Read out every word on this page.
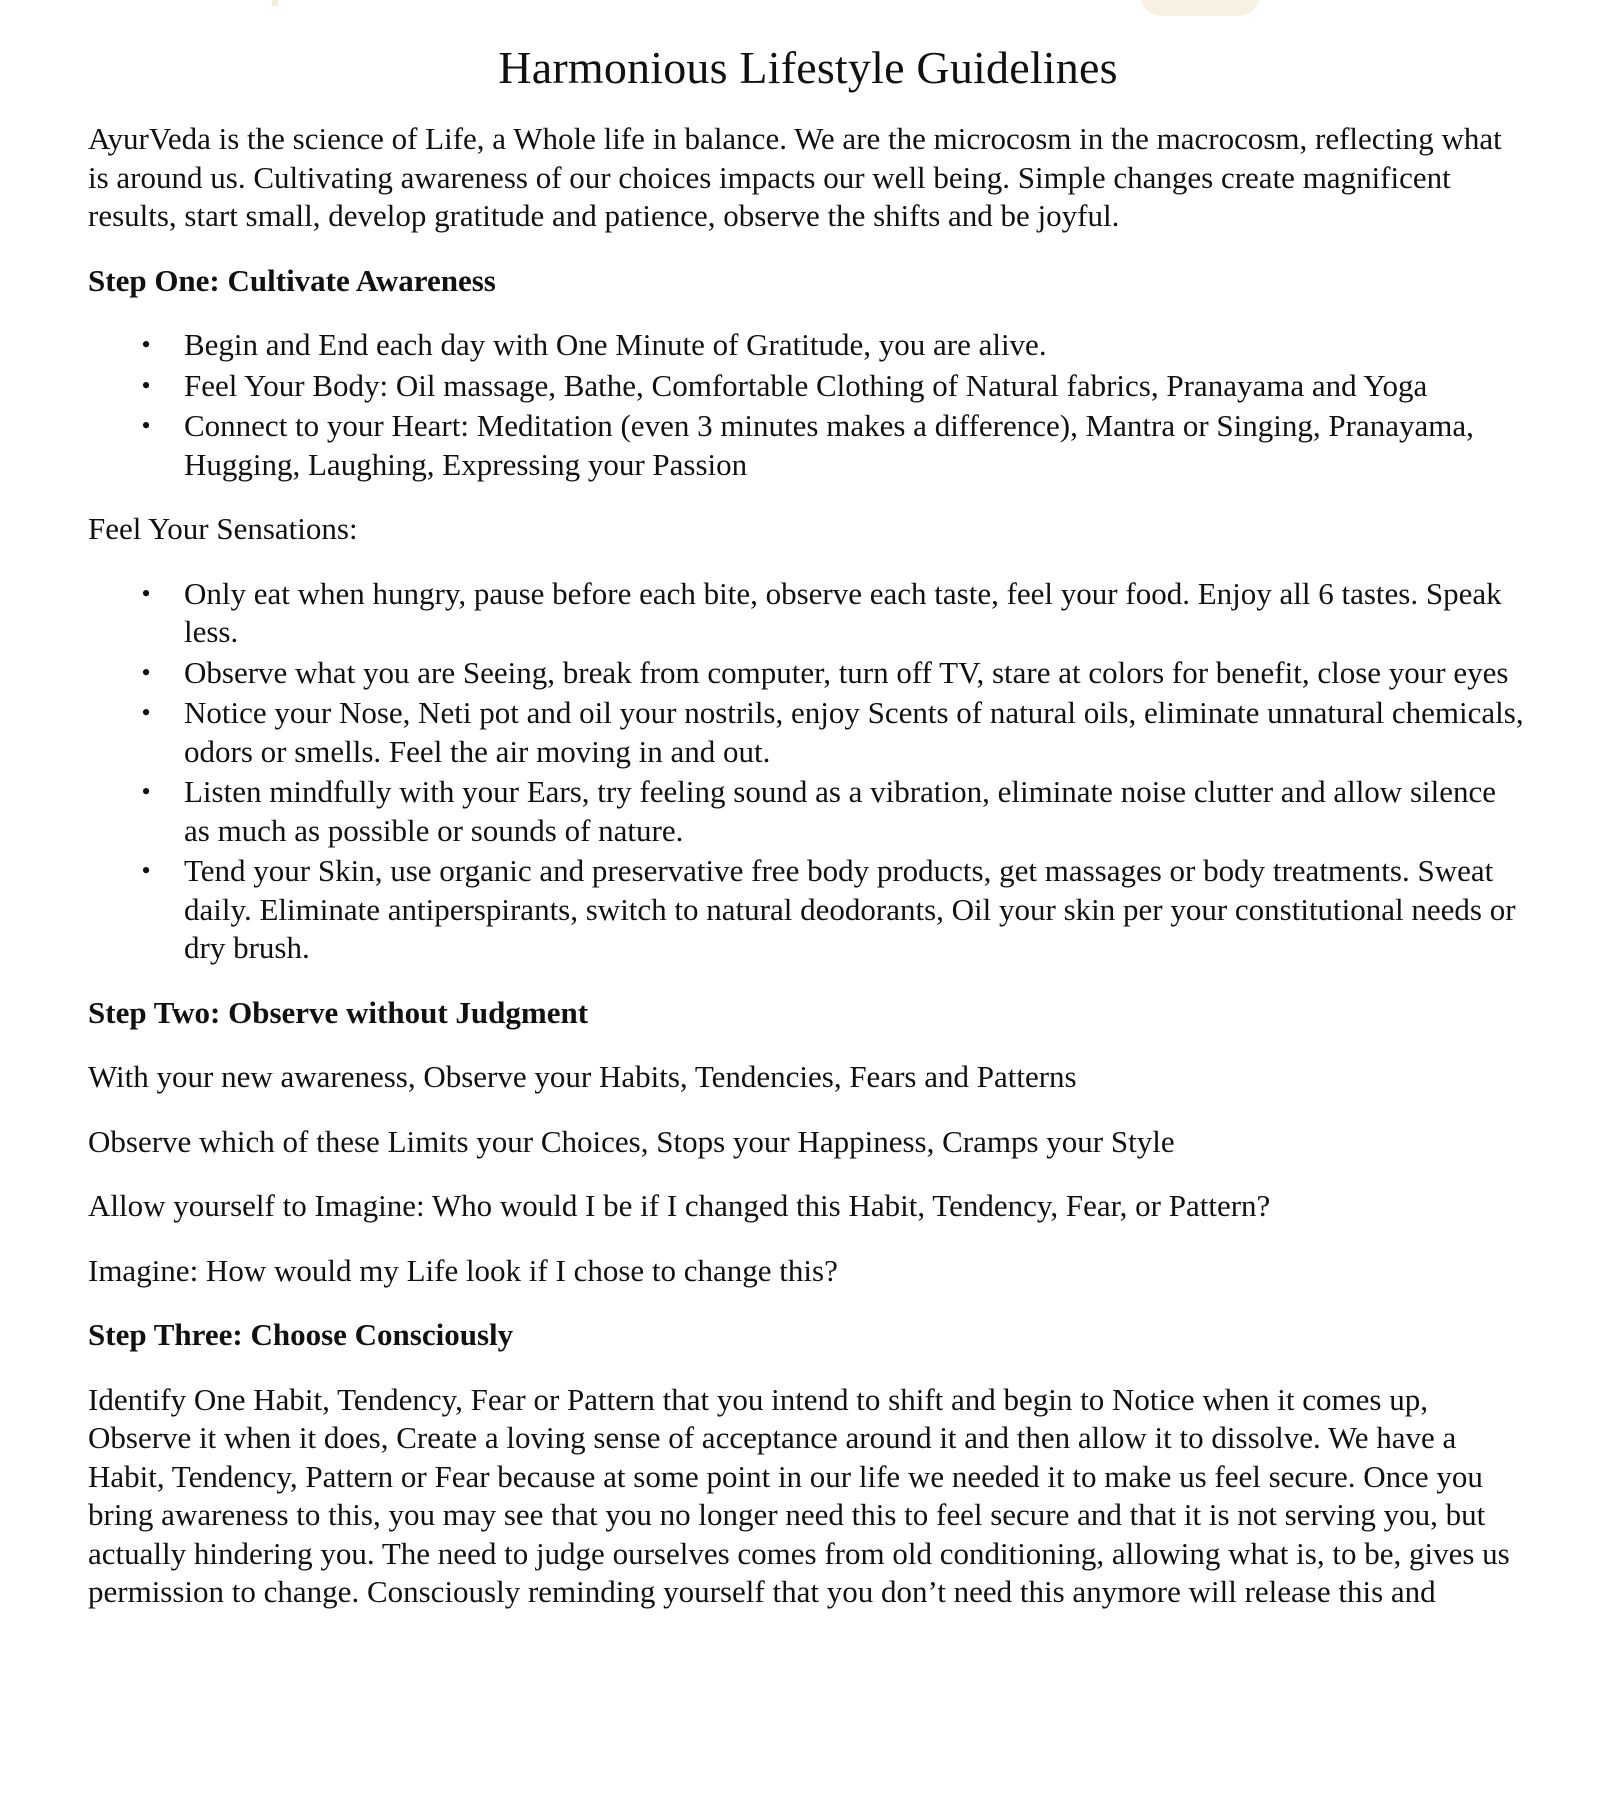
Harmonious Lifestyle Guidelines

AyurVeda is the science of Life, a Whole life in balance. We are the microcosm in the macrocosm, reflecting what is around us. Cultivating awareness of our choices impacts our well being. Simple changes create magnificent results, start small, develop gratitude and patience, observe the shifts and be joyful.

Step One: Cultivate Awareness
• Begin and End each day with One Minute of Gratitude, you are alive.
• Feel Your Body: Oil massage, Bathe, Comfortable Clothing of Natural fabrics, Pranayama and Yoga
• Connect to your Heart: Meditation (even 3 minutes makes a difference), Mantra or Singing, Pranayama, Hugging, Laughing, Expressing your Passion

Feel Your Sensations:

• Only eat when hungry, pause before each bite, observe each taste, feel your food. Enjoy all 6 tastes. Speak less.
• Observe what you are Seeing, break from computer, turn off TV, stare at colors for benefit, close your eyes
• Notice your Nose, Neti pot and oil your nostrils, enjoy Scents of natural oils, eliminate unnatural chemicals, odors or smells. Feel the air moving in and out.
• Listen mindfully with your Ears, try feeling sound as a vibration, eliminate noise clutter and allow silence as much as possible or sounds of nature.
• Tend your Skin, use organic and preservative free body products, get massages or body treatments. Sweat daily. Eliminate antiperspirants, switch to natural deodorants, Oil your skin per your constitutional needs or dry brush.
Step Two: Observe without Judgment

With your new awareness, Observe your Habits, Tendencies, Fears and Patterns

Observe which of these Limits your Choices, Stops your Happiness, Cramps your Style

Allow yourself to Imagine: Who would I be if I changed this Habit, Tendency, Fear, or Pattern?

Imagine: How would my Life look if I chose to change this?

Step Three: Choose Consciously

Identify One Habit, Tendency, Fear or Pattern that you intend to shift and begin to Notice when it comes up, Observe it when it does, Create a loving sense of acceptance around it and then allow it to dissolve. We have a Habit, Tendency, Pattern or Fear because at some point in our life we needed it to make us feel secure. Once you bring awareness to this, you may see that you no longer need this to feel secure and that it is not serving you, but actually hindering you. The need to judge ourselves comes from old conditioning, allowing what is, to be, gives us permission to change. Consciously reminding yourself that you don’t need this anymore will release this and
